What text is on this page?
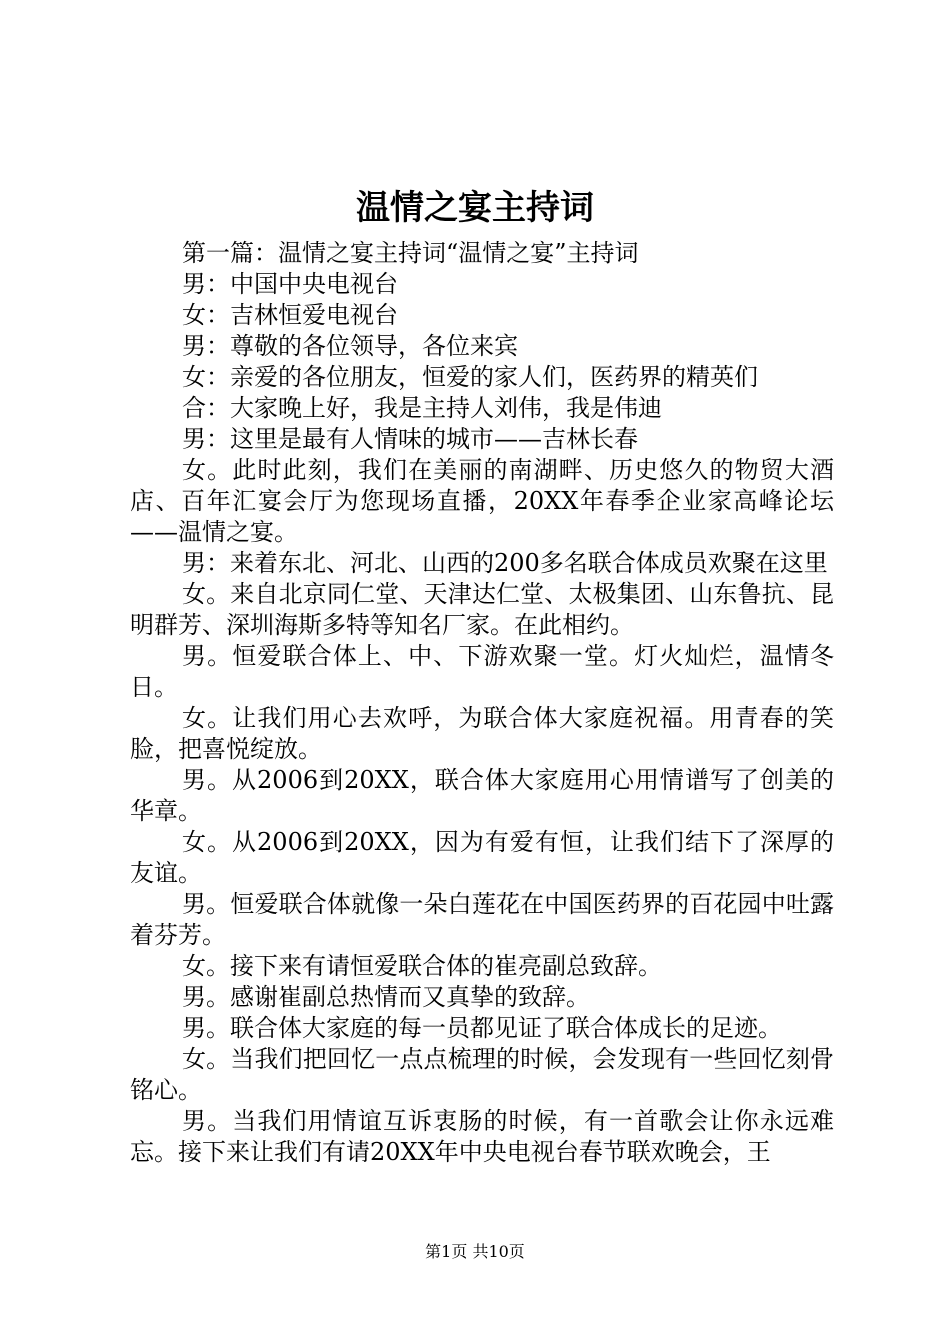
温情之宴主持词

第一篇：温情之宴主持词“温情之宴”主持词

男：中国中央电视台

女：吉林恒爱电视台

男：尊敬的各位领导，各位来宾

女：亲爱的各位朋友，恒爱的家人们，医药界的精英们

合：大家晚上好，我是主持人刘伟，我是伟迪

男：这里是最有人情味的城市——吉林长春

女。此时此刻，我们在美丽的南湖畔、历史悠久的物贸大酒店、百年汇宴会厅为您现场直播，20XX年春季企业家高峰论坛——温情之宴。

男：来着东北、河北、山西的200多名联合体成员欢聚在这里

女。来自北京同仁堂、天津达仁堂、太极集团、山东鲁抗、昆明群芳、深圳海斯多特等知名厂家。在此相约。

男。恒爱联合体上、中、下游欢聚一堂。灯火灿烂，温情冬日。

女。让我们用心去欢呼，为联合体大家庭祝福。用青春的笑脸，把喜悦绽放。

男。从2006到20XX，联合体大家庭用心用情谱写了创美的华章。

女。从2006到20XX，因为有爱有恒，让我们结下了深厚的友谊。

男。恒爱联合体就像一朵白莲花在中国医药界的百花园中吐露着芬芳。

女。接下来有请恒爱联合体的崔亮副总致辞。

男。感谢崔副总热情而又真挚的致辞。

男。联合体大家庭的每一员都见证了联合体成长的足迹。

女。当我们把回忆一点点梳理的时候，会发现有一些回忆刻骨铭心。

男。当我们用情谊互诉衷肠的时候，有一首歌会让你永远难忘。接下来让我们有请20XX年中央电视台春节联欢晚会，王

第1页 共10页
